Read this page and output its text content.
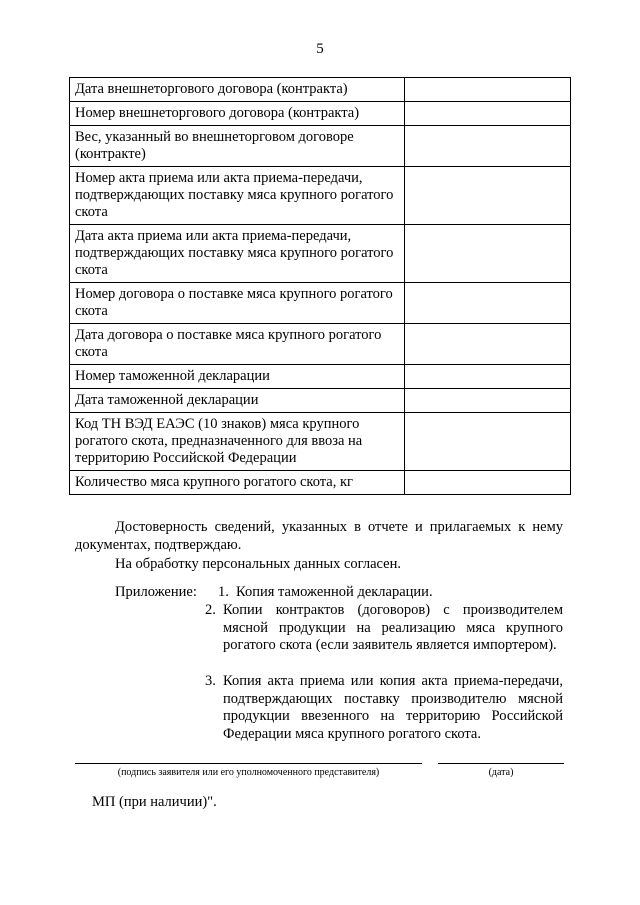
5
Дата внешнеторгового договора (контракта)	
Номер внешнеторгового договора (контракта)	
Вес, указанный во внешнеторговом договоре (контракте)	
Номер акта приема или акта приема-передачи, подтверждающих поставку мяса крупного рогатого скота	
Дата акта приема или акта приема-передачи, подтверждающих поставку мяса крупного рогатого скота	
Номер договора о поставке мяса крупного рогатого скота	
Дата договора о поставке мяса крупного рогатого скота	
Номер таможенной декларации	
Дата таможенной декларации	
Код ТН ВЭД ЕАЭС (10 знаков) мяса крупного рогатого скота, предназначенного для ввоза на территорию Российской Федерации	
Количество мяса крупного рогатого скота, кг	
Достоверность сведений, указанных в отчете и прилагаемых к нему документах, подтверждаю.
На обработку персональных данных согласен.
Приложение:	1. Копия таможенной декларации.
2. Копии контрактов (договоров) с производителем мясной продукции на реализацию мяса крупного рогатого скота (если заявитель является импортером).
3. Копия акта приема или копия акта приема-передачи, подтверждающих поставку производителю мясной продукции ввезенного на территорию Российской Федерации мяса крупного рогатого скота.
(подпись заявителя или его уполномоченного представителя)	(дата)
МП (при наличии)".
